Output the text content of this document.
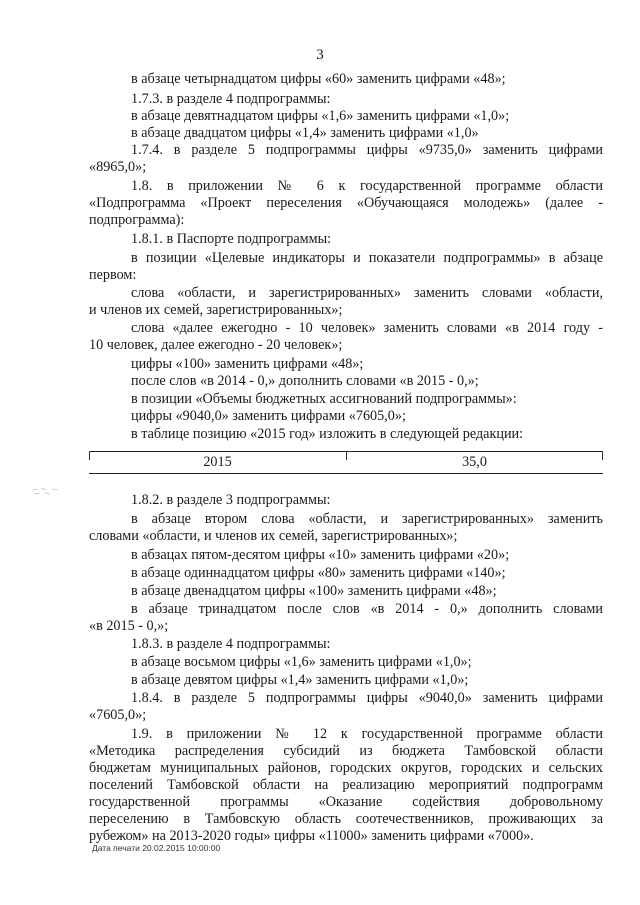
3
в абзаце четырнадцатом цифры «60» заменить цифрами «48»;
1.7.3. в разделе 4 подпрограммы:
в абзаце девятнадцатом цифры «1,6» заменить цифрами «1,0»;
в абзаце двадцатом цифры «1,4» заменить цифрами «1,0»
1.7.4. в разделе 5 подпрограммы цифры «9735,0» заменить цифрами
«8965,0»;
1.8. в приложении № 6 к государственной программе области
«Подпрограмма «Проект переселения «Обучающаяся молодежь» (далее -
подпрограмма):
1.8.1. в Паспорте подпрограммы:
в позиции «Целевые индикаторы и показатели подпрограммы» в абзаце
первом:
слова «области, и зарегистрированных» заменить словами «области,
и членов их семей, зарегистрированных»;
слова «далее ежегодно - 10 человек» заменить словами «в 2014 году -
10 человек, далее ежегодно - 20 человек»;
цифры «100» заменить цифрами «48»;
после слов «в 2014 - 0,» дополнить словами «в 2015 - 0,»;
в позиции «Объемы бюджетных ассигнований подпрограммы»:
цифры «9040,0» заменить цифрами «7605,0»;
в таблице позицию «2015 год» изложить в следующей редакции:
2015	35,0
1.8.2. в разделе 3 подпрограммы:
в абзаце втором слова «области, и зарегистрированных» заменить
словами «области, и членов их семей, зарегистрированных»;
в абзацах пятом-десятом цифры «10» заменить цифрами «20»;
в абзаце одиннадцатом цифры «80» заменить цифрами «140»;
в абзаце двенадцатом цифры «100» заменить цифрами «48»;
в абзаце тринадцатом после слов «в 2014 - 0,» дополнить словами
«в 2015 - 0,»;
1.8.3. в разделе 4 подпрограммы:
в абзаце восьмом цифры «1,6» заменить цифрами «1,0»;
в абзаце девятом цифры «1,4» заменить цифрами «1,0»;
1.8.4. в разделе 5 подпрограммы цифры «9040,0» заменить цифрами
«7605,0»;
1.9. в приложении № 12 к государственной программе области
«Методика распределения субсидий из бюджета Тамбовской области
бюджетам муниципальных районов, городских округов, городских и сельских
поселений Тамбовской области на реализацию мероприятий подпрограмм
государственной программы «Оказание содействия добровольному
переселению в Тамбовскую область соотечественников, проживающих за
рубежом» на 2013-2020 годы» цифры «11000» заменить цифрами «7000».
Дата печати 20.02.2015 10:00:00
